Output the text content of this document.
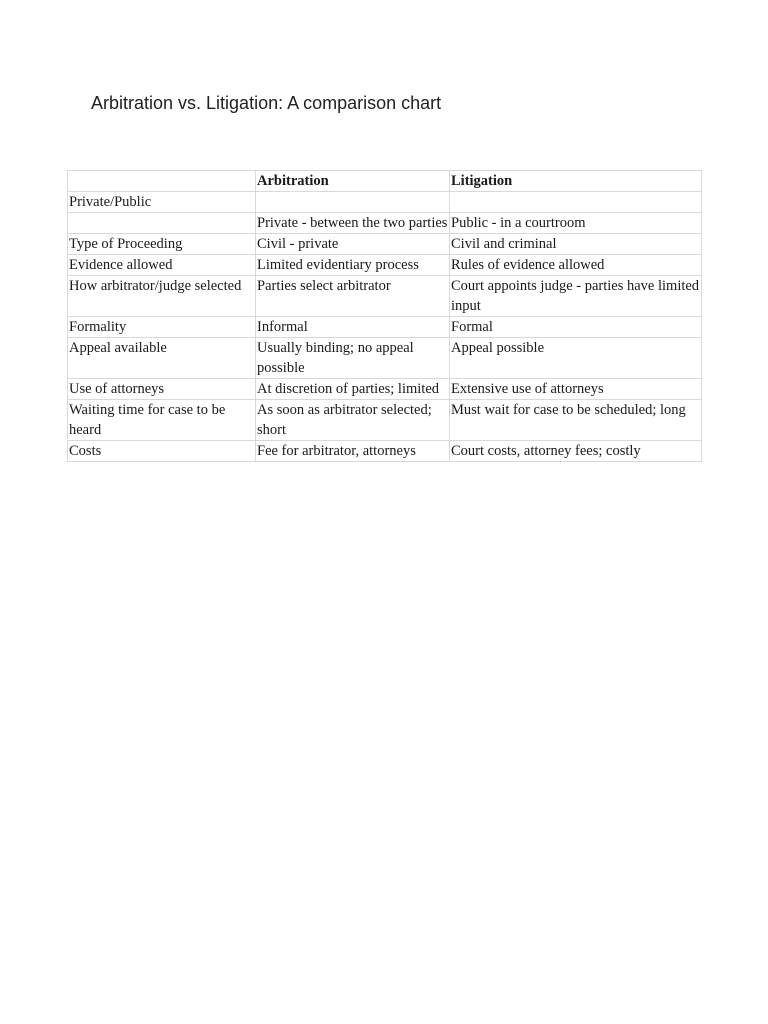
Arbitration vs. Litigation: A comparison chart
	Arbitration	Litigation
Private/Public		
	Private - between the two parties	Public - in a courtroom
Type of Proceeding	Civil - private	Civil and criminal
Evidence allowed	Limited evidentiary process	Rules of evidence allowed
How arbitrator/judge selected	Parties select arbitrator	Court appoints judge - parties have limited input
Formality	Informal	Formal
Appeal available	Usually binding; no appeal possible	Appeal possible
Use of attorneys	At discretion of parties; limited	Extensive use of attorneys
Waiting time for case to be heard	As soon as arbitrator selected; short	Must wait for case to be scheduled; long
Costs	Fee for arbitrator, attorneys	Court costs, attorney fees; costly
